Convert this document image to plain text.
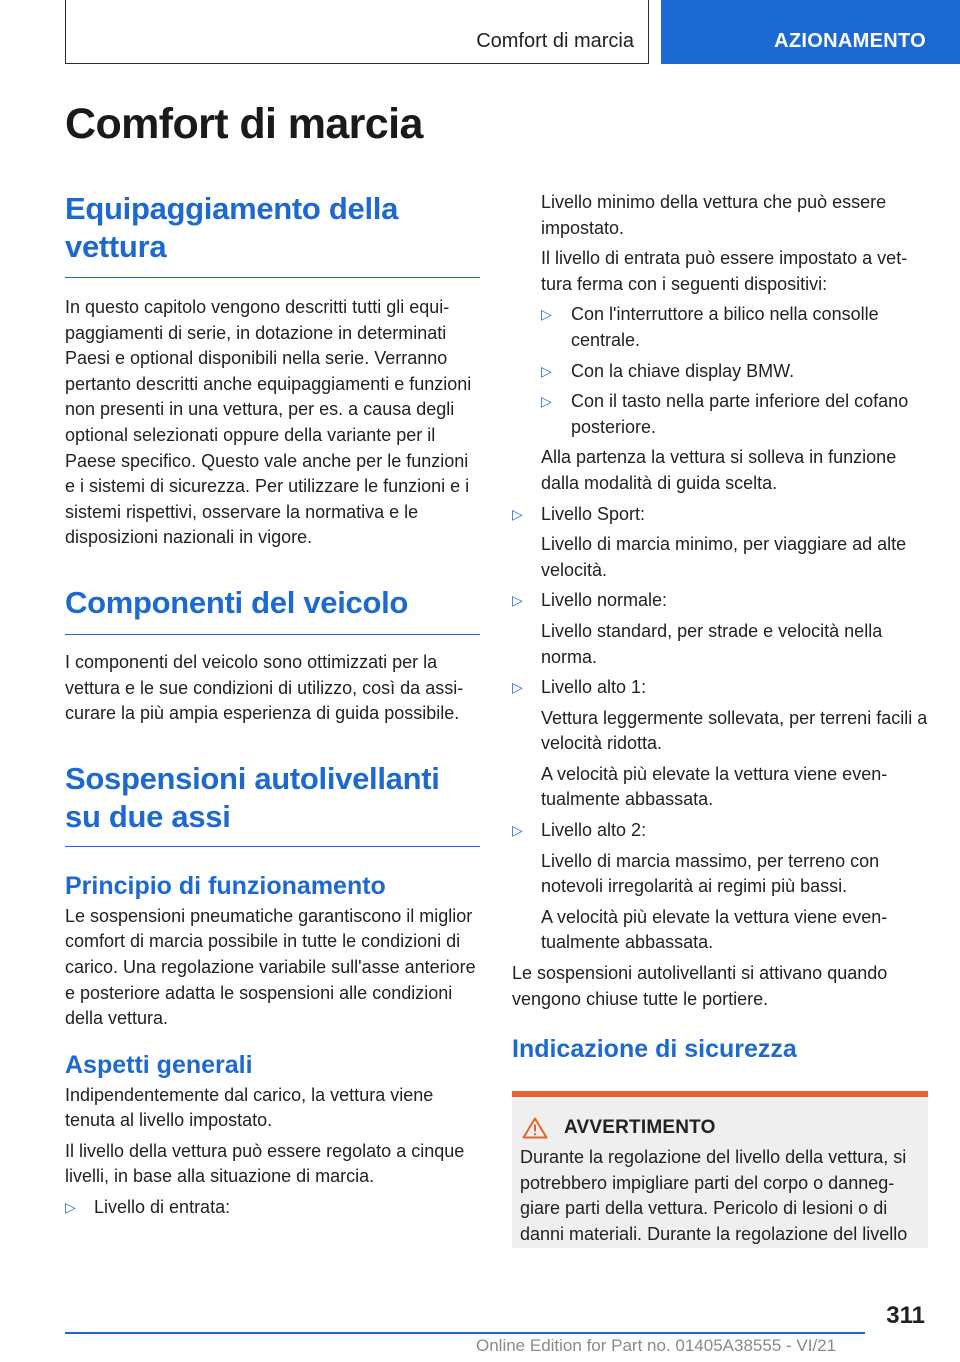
Comfort di marcia	AZIONAMENTO
Comfort di marcia
Equipaggiamento della vettura

In questo capitolo vengono descritti tutti gli equipaggiamenti di serie, in dotazione in determinati Paesi e optional disponibili nella serie. Verranno pertanto descritti anche equipaggiamenti e funzioni non presenti in una vettura, per es. a causa degli optional selezionati oppure della variante per il Paese specifico. Questo vale anche per le funzioni e i sistemi di sicurezza. Per utilizzare le funzioni e i sistemi rispettivi, osservare la normativa e le disposizioni nazionali in vigore.

Componenti del veicolo

I componenti del veicolo sono ottimizzati per la vettura e le sue condizioni di utilizzo, così da assicurare la più ampia esperienza di guida possibile.

Sospensioni autolivellanti su due assi
Principio di funzionamento

Le sospensioni pneumatiche garantiscono il miglior comfort di marcia possibile in tutte le condizioni di carico. Una regolazione variabile sull'asse anteriore e posteriore adatta le sospensioni alle condizioni della vettura.

Aspetti generali

Indipendentemente dal carico, la vettura viene tenuta al livello impostato.

Il livello della vettura può essere regolato a cinque livelli, in base alla situazione di marcia.

▷ Livello di entrata:

Livello minimo della vettura che può essere impostato.

Il livello di entrata può essere impostato a vettura ferma con i seguenti dispositivi:

▷ Con l'interruttore a bilico nella consolle centrale.
▷ Con la chiave display BMW.
▷ Con il tasto nella parte inferiore del cofano posteriore.

Alla partenza la vettura si solleva in funzione dalla modalità di guida scelta.

▷ Livello Sport:

Livello di marcia minimo, per viaggiare ad alte velocità.

▷ Livello normale:

Livello standard, per strade e velocità nella norma.

▷ Livello alto 1:

Vettura leggermente sollevata, per terreni facili a velocità ridotta.

A velocità più elevate la vettura viene eventualmente abbassata.

▷ Livello alto 2:

Livello di marcia massimo, per terreno con notevoli irregolarità ai regimi più bassi.

A velocità più elevate la vettura viene eventualmente abbassata.

Le sospensioni autolivellanti si attivano quando vengono chiuse tutte le portiere.

Indicazione di sicurezza
AVVERTIMENTO

Durante la regolazione del livello della vettura, si potrebbero impigliare parti del corpo o danneggiare parti della vettura. Pericolo di lesioni o di danni materiali. Durante la regolazione del livello

311
Online Edition for Part no. 01405A38555 - VI/21
